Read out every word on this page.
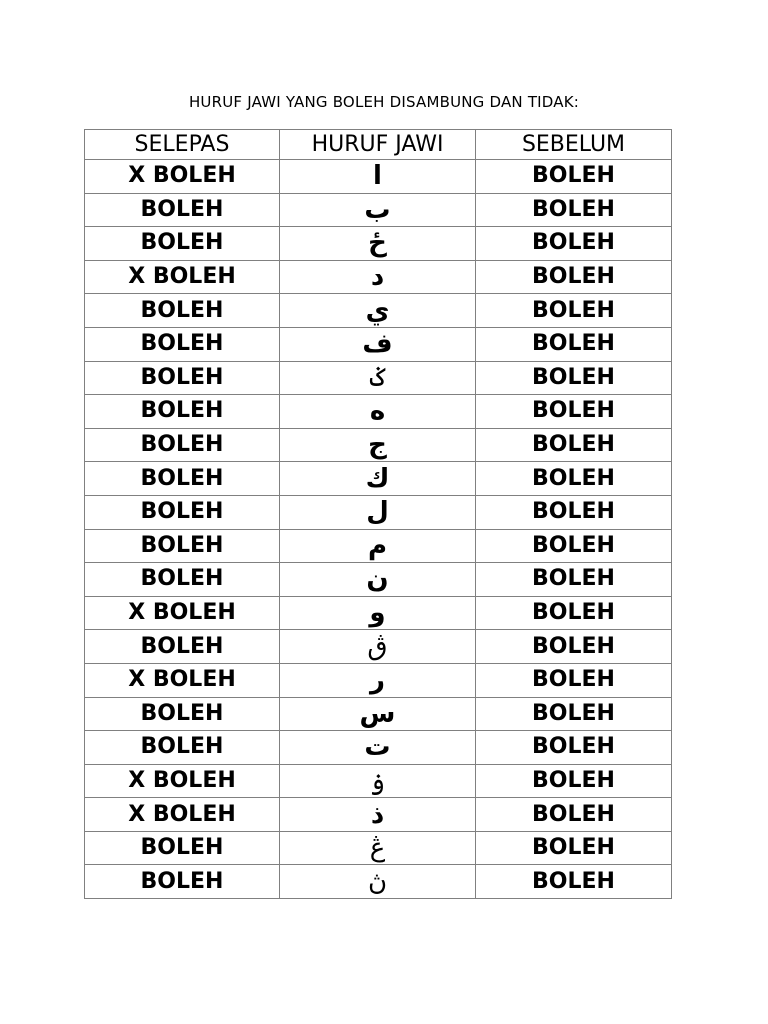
HURUF JAWI YANG BOLEH DISAMBUNG DAN TIDAK:
SELEPAS	HURUF JAWI	SEBELUM
X BOLEH	ا	BOLEH
BOLEH	ب	BOLEH
BOLEH	ځ	BOLEH
X BOLEH	د	BOLEH
BOLEH	ي	BOLEH
BOLEH	ف	BOLEH
BOLEH	ݢ	BOLEH
BOLEH	ه	BOLEH
BOLEH	ج	BOLEH
BOLEH	ك	BOLEH
BOLEH	ل	BOLEH
BOLEH	م	BOLEH
BOLEH	ن	BOLEH
X BOLEH	و	BOLEH
BOLEH	ڨ	BOLEH
X BOLEH	ر	BOLEH
BOLEH	س	BOLEH
BOLEH	ت	BOLEH
X BOLEH	ۏ	BOLEH
X BOLEH	ذ	BOLEH
BOLEH	ڠ	BOLEH
BOLEH	ڽ	BOLEH
